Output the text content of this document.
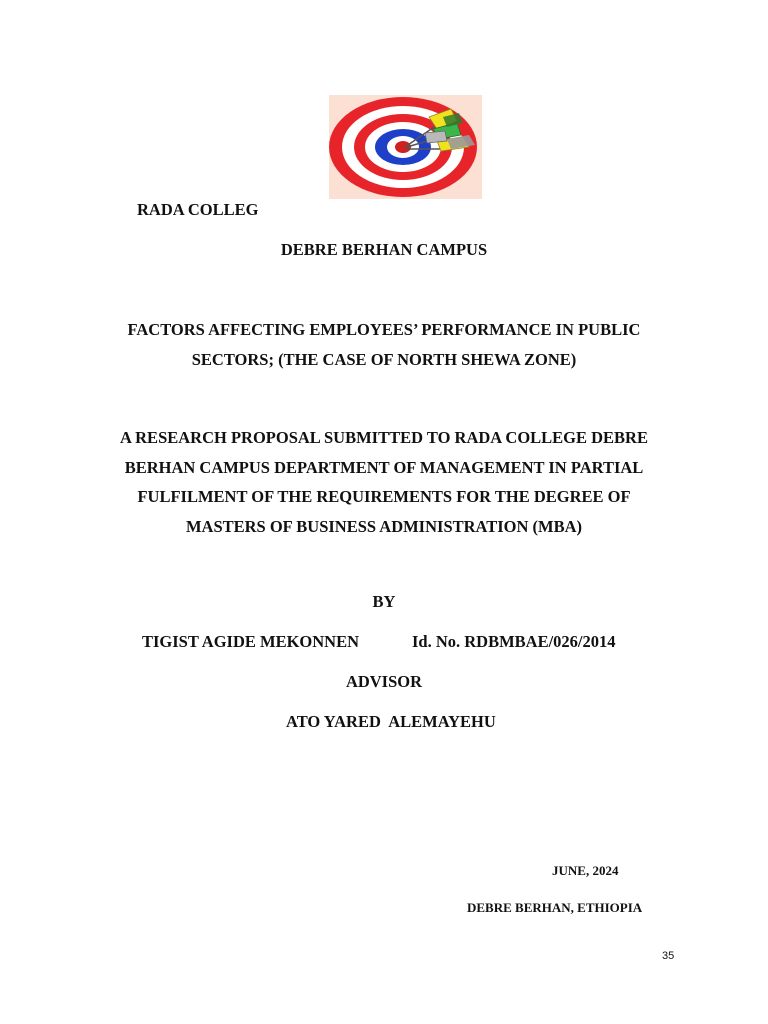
RADA COLLEG
DEBRE BERHAN CAMPUS
FACTORS AFFECTING EMPLOYEES’ PERFORMANCE IN PUBLIC
SECTORS; (THE CASE OF NORTH SHEWA ZONE)
A RESEARCH PROPOSAL SUBMITTED TO RADA COLLEGE DEBRE
BERHAN CAMPUS DEPARTMENT OF MANAGEMENT IN PARTIAL
FULFILMENT OF THE REQUIREMENTS FOR THE DEGREE OF
MASTERS OF BUSINESS ADMINISTRATION (MBA)
BY
TIGIST AGIDE MEKONNEN	Id. No. RDBMBAE/026/2014
ADVISOR
ATO YARED  ALEMAYEHU
JUNE, 2024
DEBRE BERHAN, ETHIOPIA
35
